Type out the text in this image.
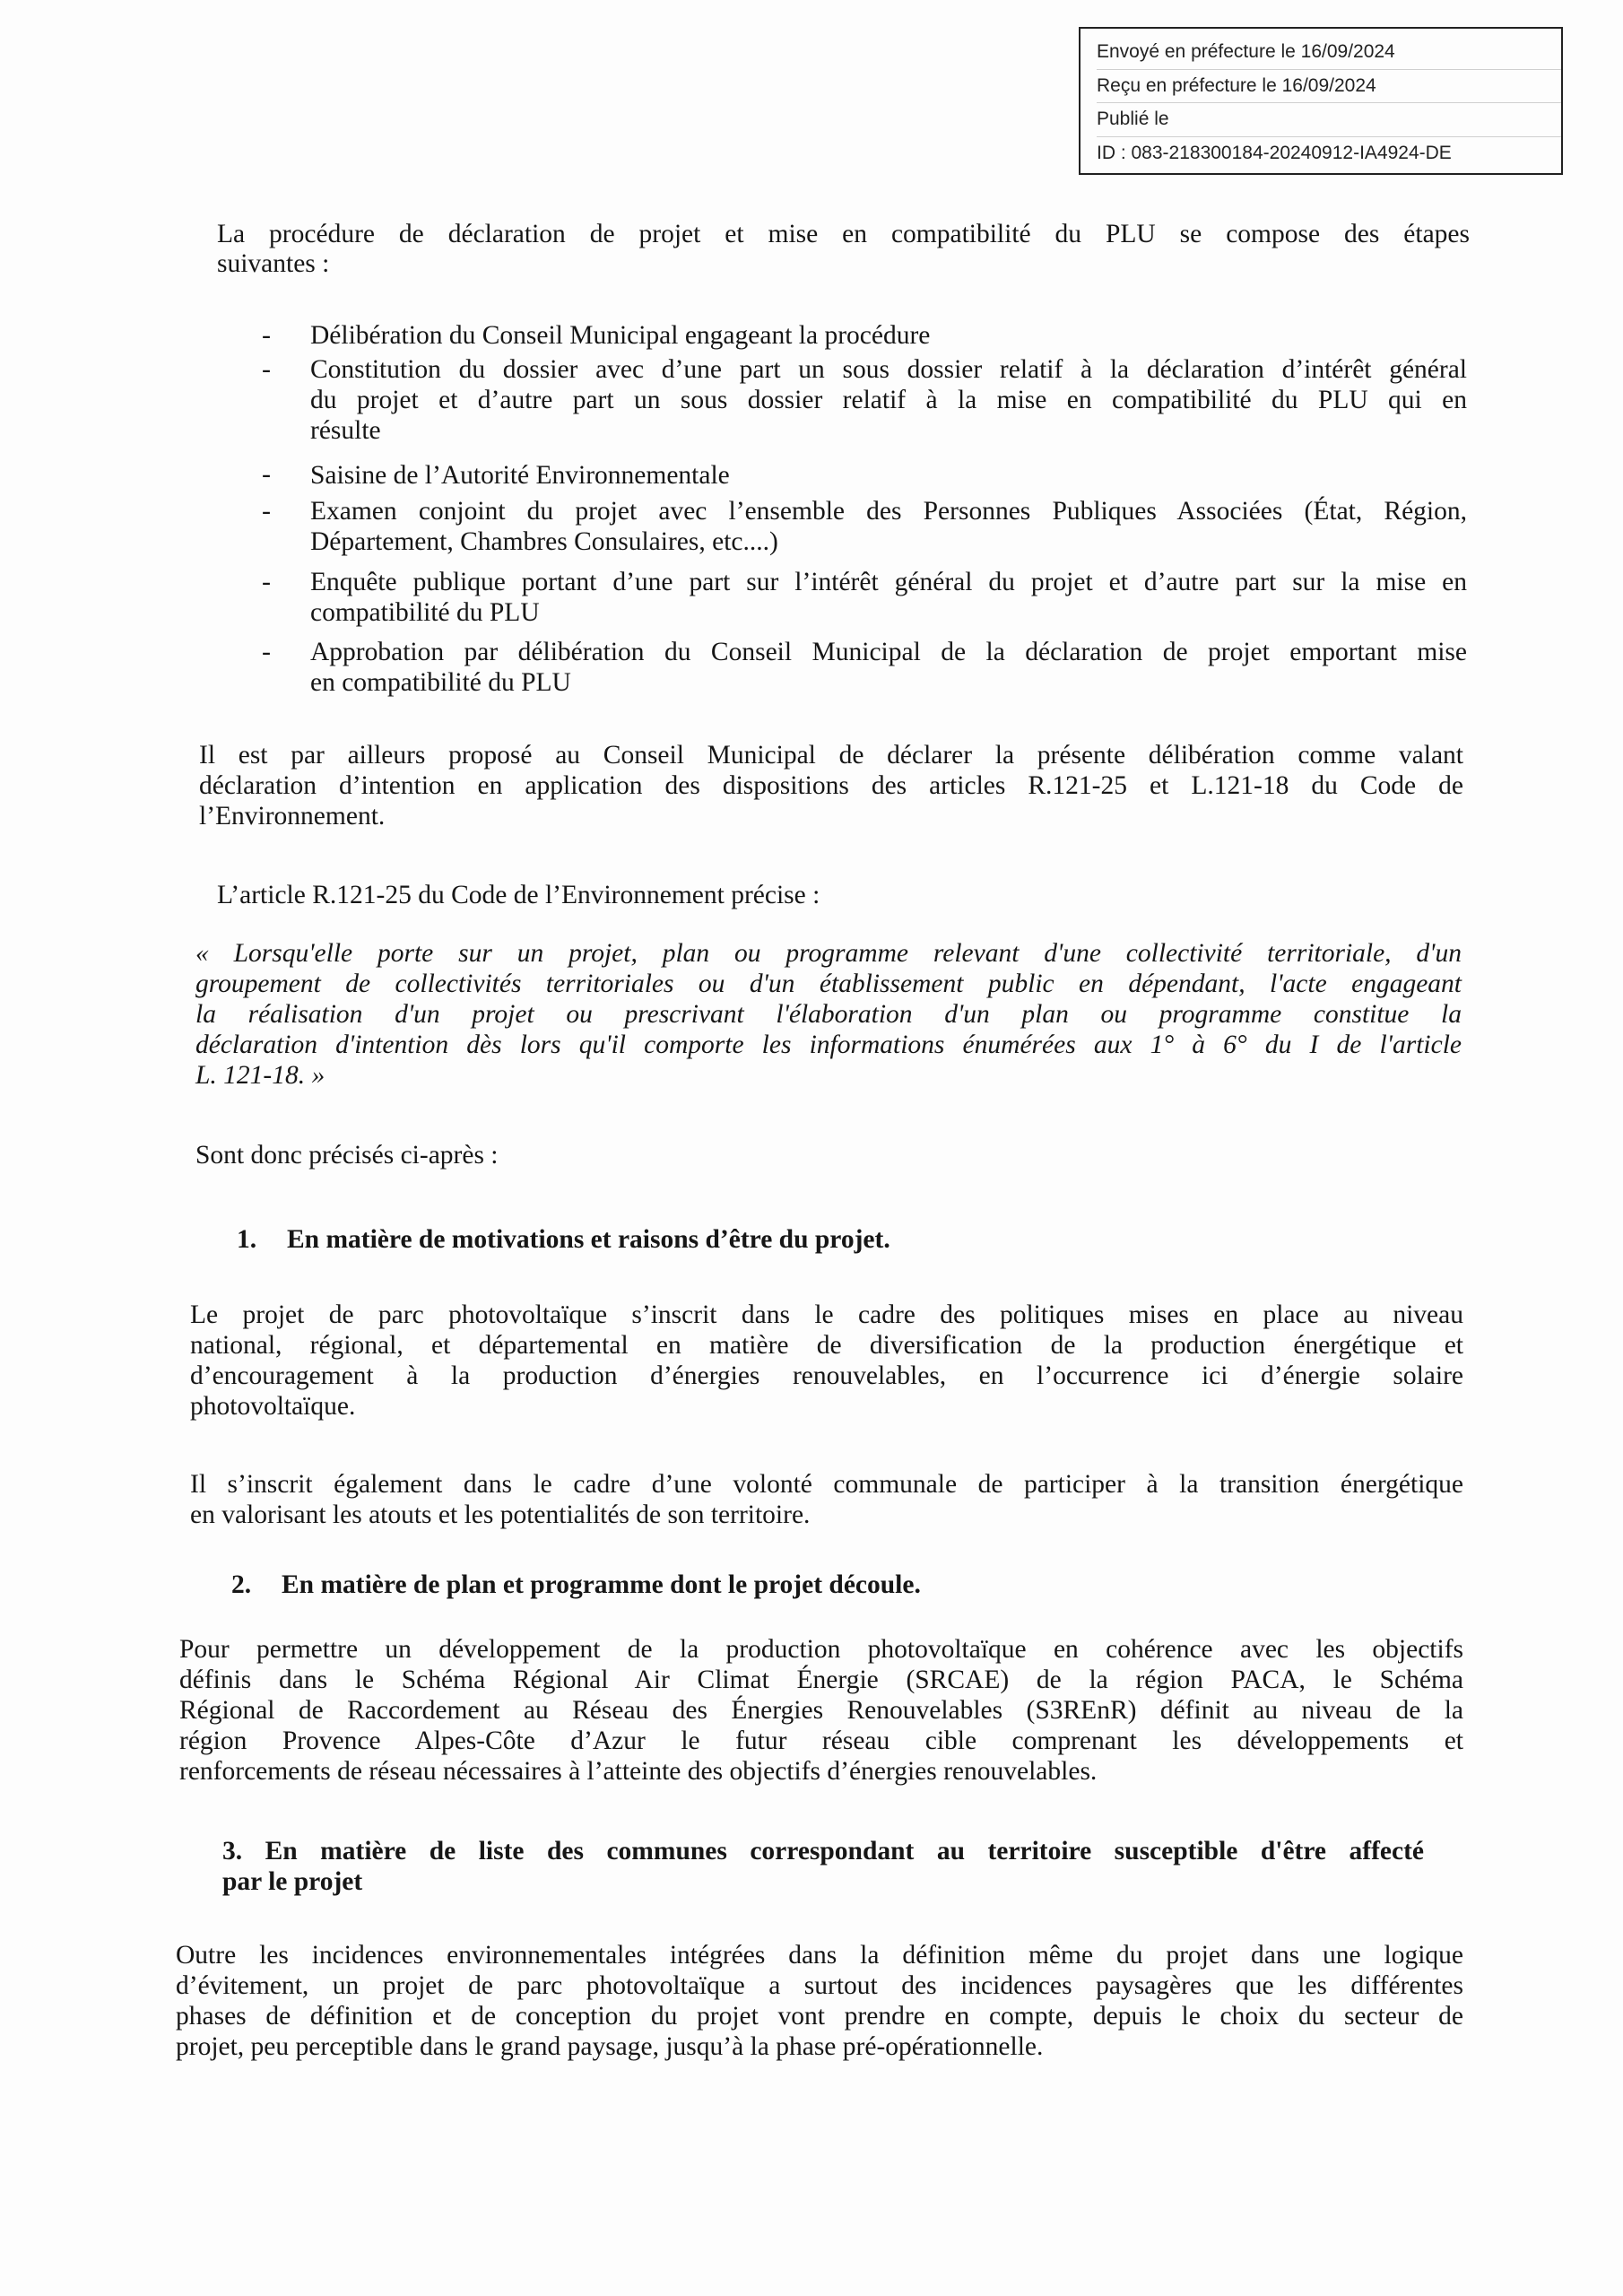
Envoyé en préfecture le 16/09/2024
Reçu en préfecture le 16/09/2024
Publié le
ID : 083-218300184-20240912-IA4924-DE
La procédure de déclaration de projet et mise en compatibilité du PLU se compose des étapes
suivantes :
- Délibération du Conseil Municipal engageant la procédure
- Constitution du dossier avec d’une part un sous dossier relatif à la déclaration d’intérêt général
du projet et d’autre part un sous dossier relatif à la mise en compatibilité du PLU qui en
résulte
- Saisine de l’Autorité Environnementale
- Examen conjoint du projet avec l’ensemble des Personnes Publiques Associées (État, Région,
Département, Chambres Consulaires, etc....)
- Enquête publique portant d’une part sur l’intérêt général du projet et d’autre part sur la mise en
compatibilité du PLU
- Approbation par délibération du Conseil Municipal de la déclaration de projet emportant mise
en compatibilité du PLU
Il est par ailleurs proposé au Conseil Municipal de déclarer la présente délibération comme valant
déclaration d’intention en application des dispositions des articles R.121-25 et L.121-18 du Code de
l’Environnement.
L’article R.121-25 du Code de l’Environnement précise :
« Lorsqu'elle porte sur un projet, plan ou programme relevant d'une collectivité territoriale, d'un
groupement de collectivités territoriales ou d'un établissement public en dépendant, l'acte engageant
la réalisation d'un projet ou prescrivant l'élaboration d'un plan ou programme constitue la
déclaration d'intention dès lors qu'il comporte les informations énumérées aux 1° à 6° du I de l'article
L. 121-18. »
Sont donc précisés ci-après :
1. En matière de motivations et raisons d’être du projet.
Le projet de parc photovoltaïque s’inscrit dans le cadre des politiques mises en place au niveau
national, régional, et départemental en matière de diversification de la production énergétique et
d’encouragement à la production d’énergies renouvelables, en l’occurrence ici d’énergie solaire
photovoltaïque.
Il s’inscrit également dans le cadre d’une volonté communale de participer à la transition énergétique
en valorisant les atouts et les potentialités de son territoire.
2. En matière de plan et programme dont le projet découle.
Pour permettre un développement de la production photovoltaïque en cohérence avec les objectifs
définis dans le Schéma Régional Air Climat Énergie (SRCAE) de la région PACA, le Schéma
Régional de Raccordement au Réseau des Énergies Renouvelables (S3REnR) définit au niveau de la
région Provence Alpes-Côte d’Azur le futur réseau cible comprenant les développements et
renforcements de réseau nécessaires à l’atteinte des objectifs d’énergies renouvelables.
3. En matière de liste des communes correspondant au territoire susceptible d'être affecté
par le projet
Outre les incidences environnementales intégrées dans la définition même du projet dans une logique
d’évitement, un projet de parc photovoltaïque a surtout des incidences paysagères que les différentes
phases de définition et de conception du projet vont prendre en compte, depuis le choix du secteur de
projet, peu perceptible dans le grand paysage, jusqu’à la phase pré-opérationnelle.
